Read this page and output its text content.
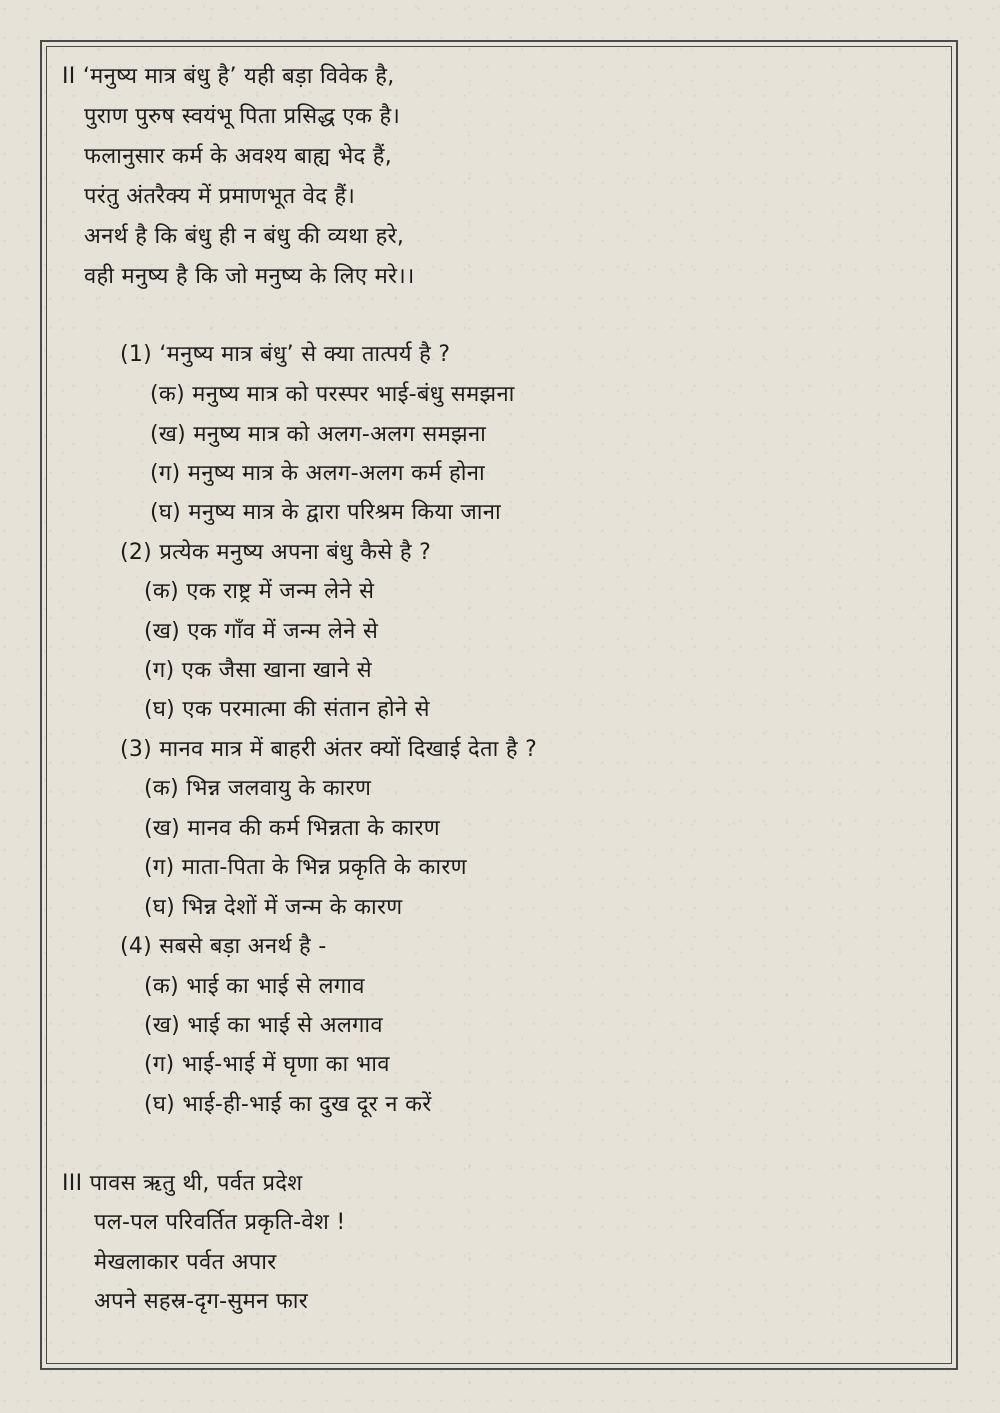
II ‘मनुष्य मात्र बंधु है’ यही बड़ा विवेक है,
पुराण पुरुष स्वयंभू पिता प्रसिद्ध एक है।
फलानुसार कर्म के अवश्य बाह्य भेद हैं,
परंतु अंतरैक्य में प्रमाणभूत वेद हैं।
अनर्थ है कि बंधु ही न बंधु की व्यथा हरे,
वही मनुष्य है कि जो मनुष्य के लिए मरे।।
(1) ‘मनुष्य मात्र बंधु’ से क्या तात्पर्य है ?
(क) मनुष्य मात्र को परस्पर भाई-बंधु समझना
(ख) मनुष्य मात्र को अलग-अलग समझना
(ग) मनुष्य मात्र के अलग-अलग कर्म होना
(घ) मनुष्य मात्र के द्वारा परिश्रम किया जाना
(2) प्रत्येक मनुष्य अपना बंधु कैसे है ?
(क) एक राष्ट्र में जन्म लेने से
(ख) एक गाँव में जन्म लेने से
(ग) एक जैसा खाना खाने से
(घ) एक परमात्मा की संतान होने से
(3) मानव मात्र में बाहरी अंतर क्यों दिखाई देता है ?
(क) भिन्न जलवायु के कारण
(ख) मानव की कर्म भिन्नता के कारण
(ग) माता-पिता के भिन्न प्रकृति के कारण
(घ) भिन्न देशों में जन्म के कारण
(4) सबसे बड़ा अनर्थ है -
(क) भाई का भाई से लगाव
(ख) भाई का भाई से अलगाव
(ग) भाई-भाई में घृणा का भाव
(घ) भाई-ही-भाई का दुख दूर न करें
III पावस ऋतु थी, पर्वत प्रदेश
पल-पल परिवर्तित प्रकृति-वेश !
मेखलाकार पर्वत अपार
अपने सहस्र-दृग-सुमन फार
